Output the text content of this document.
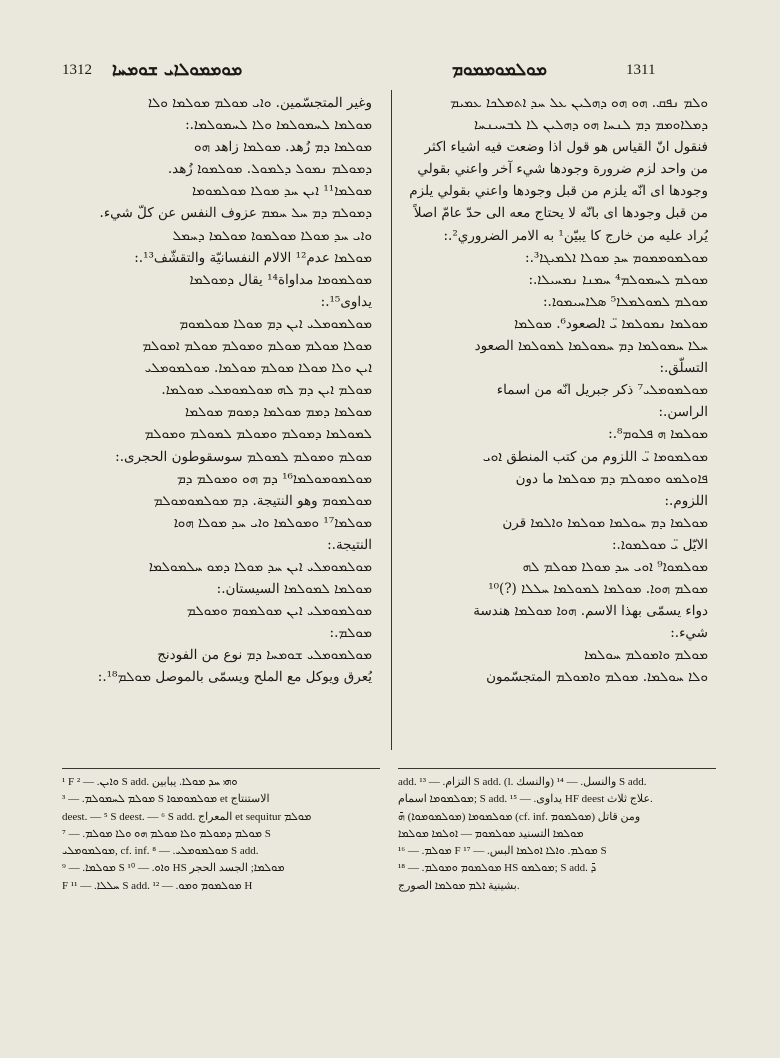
1312 ܡܘܡܡܘܠܐܝ ܫܘܡܚܐ	ܡܘܠܡܘܡܡܘܡ	1311
وغير المتجسّمين. ܘܐܝ ܡܘܠܡ ܡܘܠܡܐ ܘܠܐ
ܡܘܠܡܐ ܠܚܡܘܠܡܐ ܘܠܐ ܠܚܡܘܠܡܐ.:
ܡܘܠܡܐ ܕܡ زُهد. ܡܘܠܡܐ زاهد ܗܘ
ܕܡܘܠܡ ܢܡܘܠ ܕܠܡܘܠ. ܡܘܠܡܘܐ زُهد.
ܡܘܠܡܐ¹¹ ܐܝܢ ܚܕ ܡܘܠܐ ܡܘܠܡܘܡܐ
ܕܡܘܠܡ ܕܡ ܚܠ ܚܡܡ عزوف النفس عن كلّ شيء.
ܘܐܝ ܚܕ ܡܘܠܐ ܡܘܠܡܘܐ ܡܘܠܡܐ ܕܚܡܠ
ܡܘܠܡܐ عدم¹² الالام النفسانيّة والتقشّف¹³.:
ܡܘܠܡܘܡܐ مداواة¹⁴ يقال ܕܡܘܠܡܐ
يداوى¹⁵.:
ܡܘܠܡܘܡܠܝ ܐܝܢ ܕܡ ܡܘܠܐ ܡܘܠܡܘܡ
ܡܘܠܐ ܡܘܠܡ ܡܘܠܡ ܘܡܘܠܡ ܡܘܠܡ ܐܡܘܠܡ
ܐܝܢ ܘܠܐ ܡܘܠܐ ܡܘܠܡ ܡܘܠܡܐ. ܡܘܠܡܘܡܠܝ
ܡܘܠܡ ܐܝܢ ܕܡ ܠܗ ܡܘܠܡܘܡܠܝ ܡܘܠܡܐ.
ܡܘܠܡܐ ܕܡܡ ܡܘܠܡܐ ܕܡܘܡ ܡܘܠܡܐ
ܠܡܘܠܡܐ ܕܡܘܠܡ ܘܡܘܠܡ ܠܡܘܠܡ ܘܡܘܠܡ
ܡܘܠܡ ܘܡܘܠܡ ܠܡܘܠܡ سوسقوطون الحجرى.:
ܡܘܠܡܘܡܘܠܡܐ¹⁶ ܕܡ ܗܘ ܘܡܘܠܡ ܕܡ
ܡܘܠܡܘܡ وهو النتيجة. ܕܡ ܡܘܠܡܘܡܘܠܡ
ܡܘܠܡܐ¹⁷ ܘܡܘܠܡܐ ܘܐܝ ܚܕ ܡܘܠܐ ܗܘܐ
النتيجة.:
ܡܘܠܡܘܡܠܝ ܐܝܢ ܚܕ ܡܘܠܐ ܕܡܘ ܚܠܡܘܠܡܐ
ܡܘܠܡܐ ܠܡܘܠܡܐ السيستان.:
ܡܘܠܡܘܡܠܝ ܐܝܢ ܡܘܠܡܘܡ ܘܡܘܠܡ
ܡܘܠܡ.:
ܡܘܠܡܘܡܠܝ ܫܘܡܚܐ ܕܡ نوع من الفودنج
يُعرق ويوكل مع الملح ويسمّى بالموصل ܡܘܠܡ¹⁸.:
ܘܠܡ ܢܦܩ. ܗܘ ܗܘ ܕܗܠܝܢ ܥܠ ܚܕ ܐܬܡܠܟܐ ܥܡܝܡ
ܕܡܠܐܘܡܡ ܕܡ ܠܢܚܐ ܗܘ ܕܗܠܝܢ ܠܐ ܠܒܚܝܢܚܐ
فنقول انّ القياس هو قول اذا وضعت فيه اشياء اكثر
من واحد لزم ضرورة وجودها شيء آخر واعني بقولي
وجودها اى انّه يلزم من قبل وجودها واعني بقولي يلزم
من قبل وجودها اى بانّه لا يحتاج معه الى حدّ عامّ اصلاً
يُراد عليه من خارج كا يبيّن¹ به الامر الضروري².:
ܡܘܠܡܘܡܡܘܡ ܚܕ ܡܘܠܐ ܐܠܡܝܓܐ³.:
ܡܘܠܡ ܠܚܡܘܠܡ⁴ ܚܡܢܐ ܢܡܚܝܠܐ.:
ܡܘܠܡ ܠܡܘܠܡܠܐ⁵ ܣܠܐܚܝܡܘܐ.:
ܡܘܠܡܐ ܢܡܘܠܡܐ ܝ̈ ܐلصعود⁶. ܡܘܠܡܐ
ܚܠܐ ܚܡܘܠܡܐ ܕܡ ܚܡܘܠܡܐ ܠܡܘܠܡܐ الصعود
التسلّق.:
ܡܘܠܡܘܡܠܝ⁷ ذكر جبريل انّه من اسماء
الراسن.:
ܡܘܠܡܐ ܗ ܦܠܘܡ⁸.:
ܡܘܠܡܘܡܐ ܝ̈ اللزوم من كتب المنطق ܐܘܝ
ܦܐܘܠܡܘ ܘܡܘܠܡ ܕܡ ܡܘܠܡܐ ما دون
اللزوم.:
ܡܘܠܡܐ ܕܡ ܚܘܠܡܐ ܡܘܠܡܐ ܘܐܠܡܐ قرن
الايّل ܝ̈ ܡܘܠܡܘܐ.:
ܡܘܠܡܘܐ⁹ ܐܘܝ ܚܕ ܡܘܠܐ ܡܘܠܡ ܠܗ
ܡܘܠܡ ܗܘܐ. ܡܘܠܡܐ ܠܡܘܠܡܐ ܚܠܠܐ (?)¹⁰
دواء يسمّى بهذا الاسم. ܗܘܐ ܡܘܠܡܐ هندسة
شيء.:
ܡܘܠܡ ܘܐܡܘܠܡ ܚܘܠܡܐ
ܘܠܐ ܚܘܠܡܐ. ܡܘܠܡ ܘܐܡܘܠܡ المتجسّمون
¹ F ܘܐܝܢ. — ² S add. ܘܗܝ ܚܕ ܡܘܠܐ. يبابين
ܡܘܠܡ ܠܚܡܘܠܡ. — ³ S ܡܘܠܡܘܡܘܐ et الاستنتاج
deest. — ⁵ S deest. — ⁶ S add. المعراج et sequitur ܡܘܠܡ
ܡܘܠܡ ܕܡܘܠܡ ܘܠܐ ܡܘܠܡ ܗܘ ܘܠܐ ܡܘܠܡ. — ⁷ S
ܡܘܠܡܘܡܠܝ, cf. inf. ܡܘܠܡܘܡܠܝ. — ⁸ S add.
ܡܘܠܡܐ. — ⁹ S ܘܐܘ. — ¹⁰ HS ܡܘܠܡܐ; الجسد الحجر
F ܚܠܠܐ. — ¹¹ S add. ܡܘܠܡܘܡ ܘܡܘ. — ¹² H
add. التزام. — ¹³ S add. (l. والنسك) والنسل. — ¹⁴ S add.
ܡܘܠܡܘܡܐ اسمام; S add. يداوى. — ¹⁵ HF deest علاج ثلاث.
ܡܘܠܡܘܡܐ (ܡܘܠܡܘܡܘܐ) ܗ̄ (cf. inf. ܡܘܠܡܘܡ) ومن قاتل
ܡܘܠܡܐ التسنيد ܡܘܠܡܘܡ — ܐܘܠܡܐ ܡܘܠܡܐ
ܡܘܠܡ. — ¹⁶ F ܡܘܠܡ. ܘܐܠܐ ܐܘܠܡܐ البس. — ¹⁷ S
ܡܘܠܡܘܡ ܘܡܘܠܡ. — ¹⁸ HS ܡܘܠܡܘ; S add. ܕ̄
بشينية ܐܠܡ ܡܘܠܡܐ الصورج.
